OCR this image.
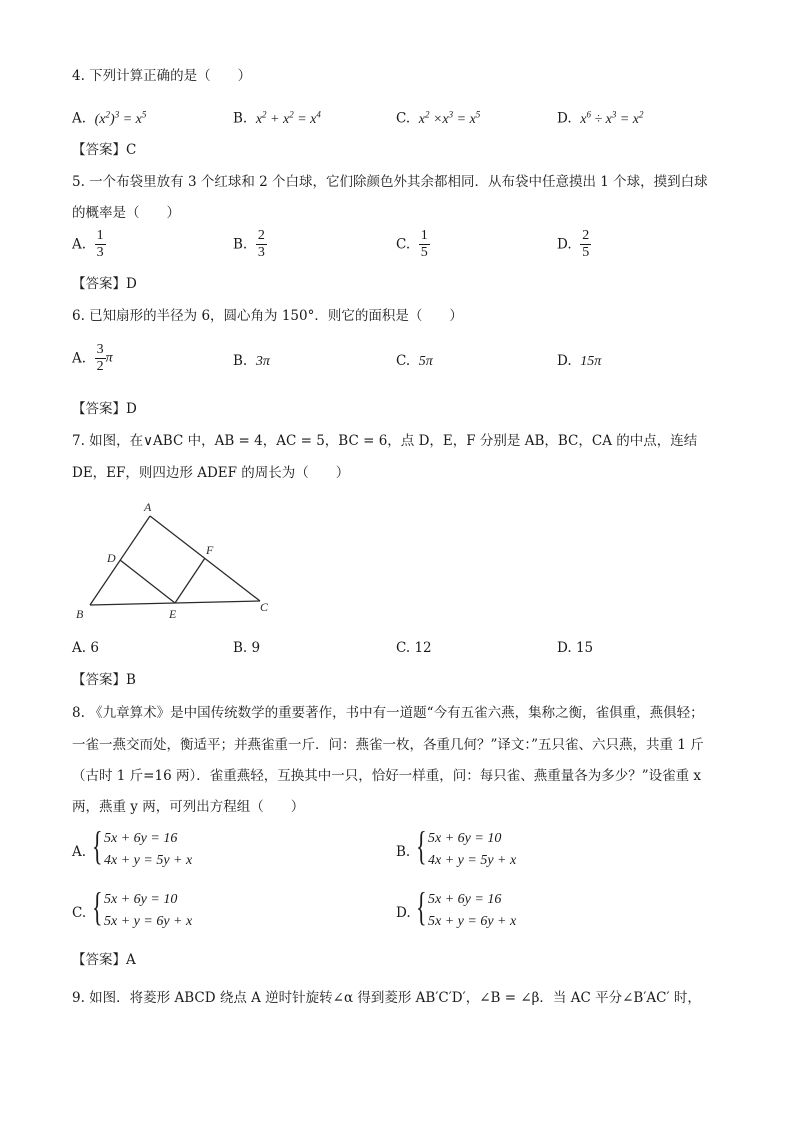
4. 下列计算正确的是（　　）
A. $(x^2)^3 = x^5$	B. $x^2 + x^2 = x^4$	C. $x^2 \times x^3 = x^5$	D. $x^6 \div x^3 = x^2$
【答案】C
5. 一个布袋里放有 3 个红球和 2 个白球，它们除颜色外其余都相同．从布袋中任意摸出 1 个球，摸到白球
的概率是（　　）
A. $\frac{1}{3}$	B. $\frac{2}{3}$	C. $\frac{1}{5}$	D. $\frac{2}{5}$
【答案】D
6. 已知扇形的半径为 6，圆心角为 150°．则它的面积是（　　）
A. $\frac{3}{2}$ π	B. 3π	C. 5π	D. 15π
【答案】D
7. 如图，在∨ABC 中，AB = 4，AC = 5，BC = 6，点 D，E，F 分别是 AB，BC，CA 的中点，连结
DE，EF，则四边形 ADEF 的周长为（　　）
A
B	C
D
E
F
A. 6	B. 9	C. 12	D. 15
【答案】B
8. 《九章算术》是中国传统数学的重要著作，书中有一道题“今有五雀六燕，集称之衡，雀俱重，燕俱轻；
一雀一燕交而处，衡适平；并燕雀重一斤．问：燕雀一枚，各重几何？”译文：”五只雀、六只燕，共重 1 斤
（古时 1 斤=16 两）．雀重燕轻，互换其中一只，恰好一样重，问：每只雀、燕重量各为多少？”设雀重 x
两，燕重 y 两，可列出方程组（　　）
A. { 5x + 6y = 16
4x + y = 5y + x
B. { 5x + 6y = 10
4x + y = 5y + x
C. { 5x + 6y = 10
5x + y = 6y + x
D. { 5x + 6y = 16
5x + y = 6y + x
【答案】A
9. 如图．将菱形 ABCD 绕点 A 逆时针旋转∠α 得到菱形 AB′C′D′，∠B = ∠β．当 AC 平分∠B′AC′ 时，
